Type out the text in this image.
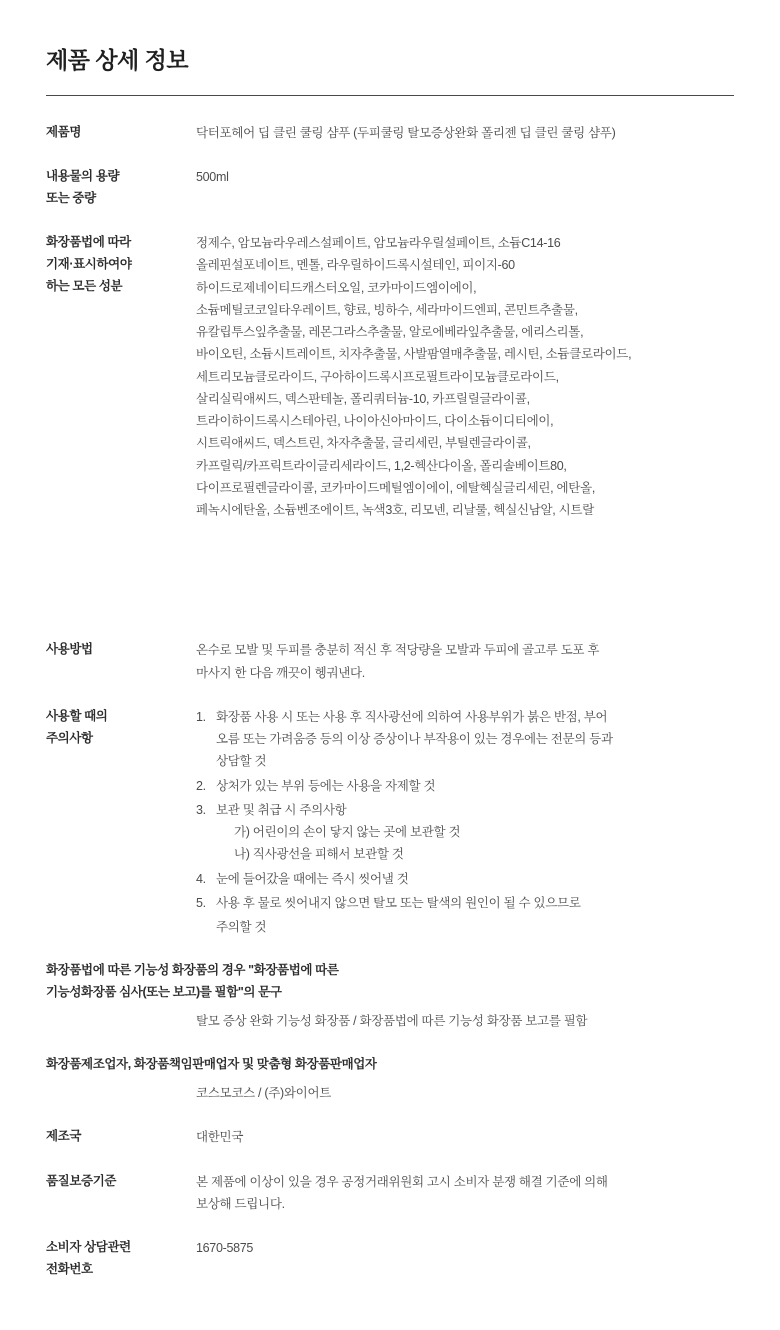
제품 상세 정보
제품명	닥터포헤어 딥 클린 쿨링 샴푸 (두피쿨링 탈모증상완화 폴리젠 딥 클린 쿨링 샴푸)

내용물의 용량
또는 중량	500ml

화장품법에 따라
기재·표시하여야
하는 모든 성분

정제수, 암모늄라우레스설페이트, 암모늄라우릴설페이트, 소듐C14-16
올레핀설포네이트, 멘톨, 라우릴하이드록시설테인, 피이지-60
하이드로제네이티드캐스터오일, 코카마이드엠이에이,
소듐메틸코코일타우레이트, 향료, 빙하수, 세라마이드엔피, 콘민트추출물,
유칼립투스잎추출물, 레몬그라스추출물, 알로에베라잎추출물, 에리스리톨,
바이오틴, 소듐시트레이트, 치자추출물, 사발팜열매추출물, 레시틴, 소듐클로라이드,
세트리모늄클로라이드, 구아하이드록시프로필트라이모늄클로라이드,
살리실릭애씨드, 덱스판테놀, 폴리쿼터늄-10, 카프릴릴글라이콜,
트라이하이드록시스테아린, 나이아신아마이드, 다이소듐이디티에이,
시트릭애씨드, 덱스트린, 차자추출물, 글리세린, 부틸렌글라이콜,
카프릴릭/카프릭트라이글리세라이드, 1,2-헥산다이올, 폴리솔베이트80,
다이프로필렌글라이콜, 코카마이드메틸엠이에이, 에탈헥실글리세린, 에탄올,
페녹시에탄올, 소듐벤조에이트, 녹색3호, 리모넨, 리날룰, 헥실신남알, 시트랄

사용방법	온수로 모발 및 두피를 충분히 적신 후 적당량을 모발과 두피에 골고루 도포 후
마사지 한 다음 깨끗이 헹궈낸다.

사용할 때의
주의사항

1. 화장품 사용 시 또는 사용 후 직사광선에 의하여 사용부위가 붉은 반점, 부어
오름 또는 가려움증 등의 이상 증상이나 부작용이 있는 경우에는 전문의 등과
상담할 것
2. 상처가 있는 부위 등에는 사용을 자제할 것
3. 보관 및 취급 시 주의사항
가) 어린이의 손이 닿지 않는 곳에 보관할 것
나) 직사광선을 피해서 보관할 것
4. 눈에 들어갔을 때에는 즉시 씻어낼 것
5. 사용 후 물로 씻어내지 않으면 탈모 또는 탈색의 원인이 될 수 있으므로
주의할 것
화장품법에 따른 기능성 화장품의 경우 "화장품법에 따른
기능성화장품 심사(또는 보고)를 필함"의 문구
탈모 증상 완화 기능성 화장품 / 화장품법에 따른 기능성 화장품 보고를 필함
화장품제조업자, 화장품책임판매업자 및 맞춤형 화장품판매업자
코스모코스 / (주)와이어트
제조국	대한민국
품질보증기준	본 제품에 이상이 있을 경우 공정거래위원회 고시 소비자 분쟁 해결 기준에 의해
보상해 드립니다.

소비자 상담관련
전화번호	1670-5875
